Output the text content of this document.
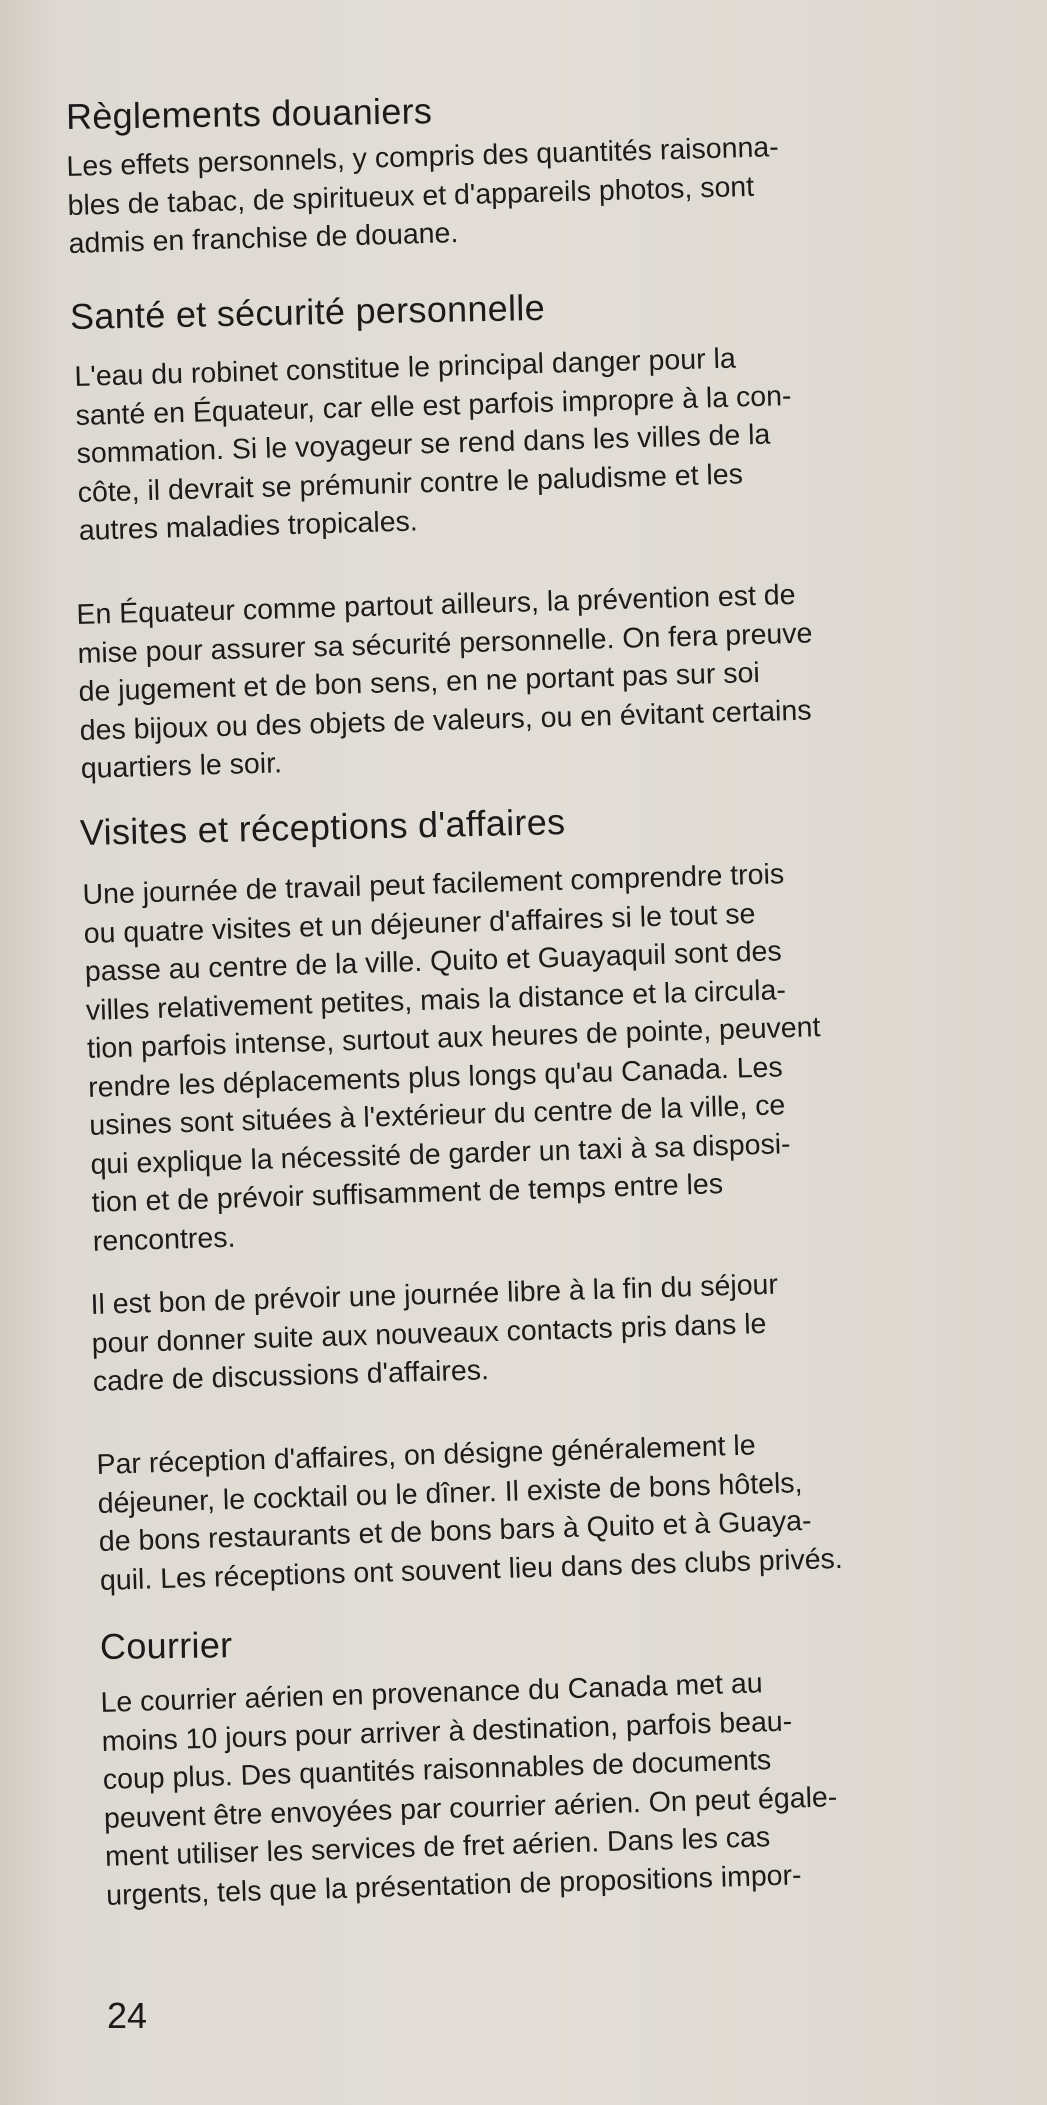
Règlements douaniers

Les effets personnels, y compris des quantités raisonna-
bles de tabac, de spiritueux et d'appareils photos, sont
admis en franchise de douane.

Santé et sécurité personnelle

L'eau du robinet constitue le principal danger pour la
santé en Équateur, car elle est parfois impropre à la con-
sommation. Si le voyageur se rend dans les villes de la
côte, il devrait se prémunir contre le paludisme et les
autres maladies tropicales.

En Équateur comme partout ailleurs, la prévention est de
mise pour assurer sa sécurité personnelle. On fera preuve
de jugement et de bon sens, en ne portant pas sur soi
des bijoux ou des objets de valeurs, ou en évitant certains
quartiers le soir.

Visites et réceptions d'affaires

Une journée de travail peut facilement comprendre trois
ou quatre visites et un déjeuner d'affaires si le tout se
passe au centre de la ville. Quito et Guayaquil sont des
villes relativement petites, mais la distance et la circula-
tion parfois intense, surtout aux heures de pointe, peuvent
rendre les déplacements plus longs qu'au Canada. Les
usines sont situées à l'extérieur du centre de la ville, ce
qui explique la nécessité de garder un taxi à sa disposi-
tion et de prévoir suffisamment de temps entre les
rencontres.

Il est bon de prévoir une journée libre à la fin du séjour
pour donner suite aux nouveaux contacts pris dans le
cadre de discussions d'affaires.

Par réception d'affaires, on désigne généralement le
déjeuner, le cocktail ou le dîner. Il existe de bons hôtels,
de bons restaurants et de bons bars à Quito et à Guaya-
quil. Les réceptions ont souvent lieu dans des clubs privés.

Courrier

Le courrier aérien en provenance du Canada met au
moins 10 jours pour arriver à destination, parfois beau-
coup plus. Des quantités raisonnables de documents
peuvent être envoyées par courrier aérien. On peut égale-
ment utiliser les services de fret aérien. Dans les cas
urgents, tels que la présentation de propositions impor-

24
